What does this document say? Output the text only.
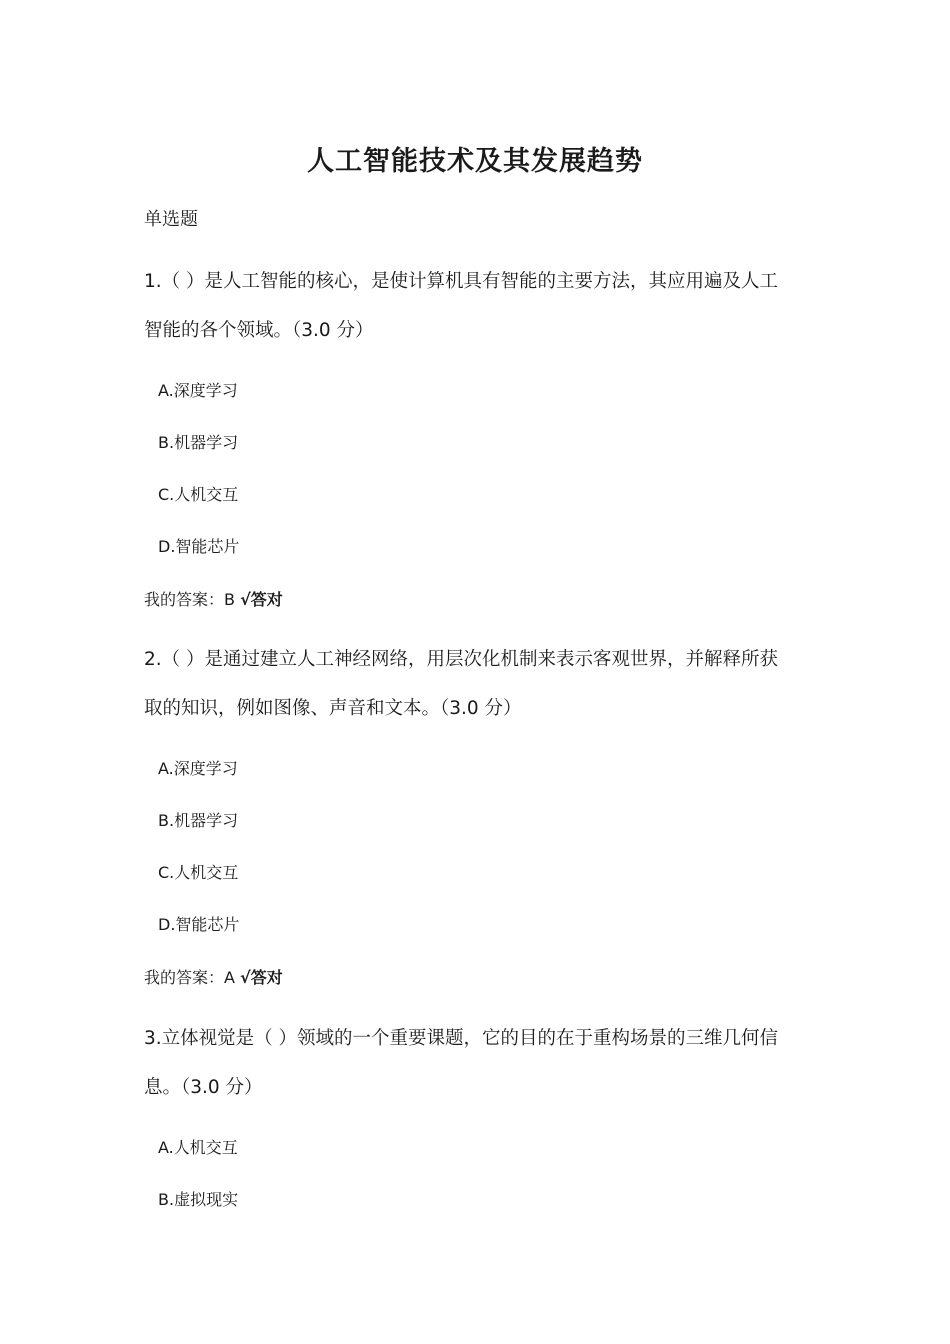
人工智能技术及其发展趋势
单选题
1.（ ）是人工智能的核心，是使计算机具有智能的主要方法，其应用遍及人工
智能的各个领域。（3.0 分）
A.深度学习
B.机器学习
C.人机交互
D.智能芯片
我的答案：B √答对
2.（ ）是通过建立人工神经网络，用层次化机制来表示客观世界，并解释所获
取的知识，例如图像、声音和文本。（3.0 分）
A.深度学习
B.机器学习
C.人机交互
D.智能芯片
我的答案：A √答对
3.立体视觉是（ ）领域的一个重要课题，它的目的在于重构场景的三维几何信
息。（3.0 分）
A.人机交互
B.虚拟现实
